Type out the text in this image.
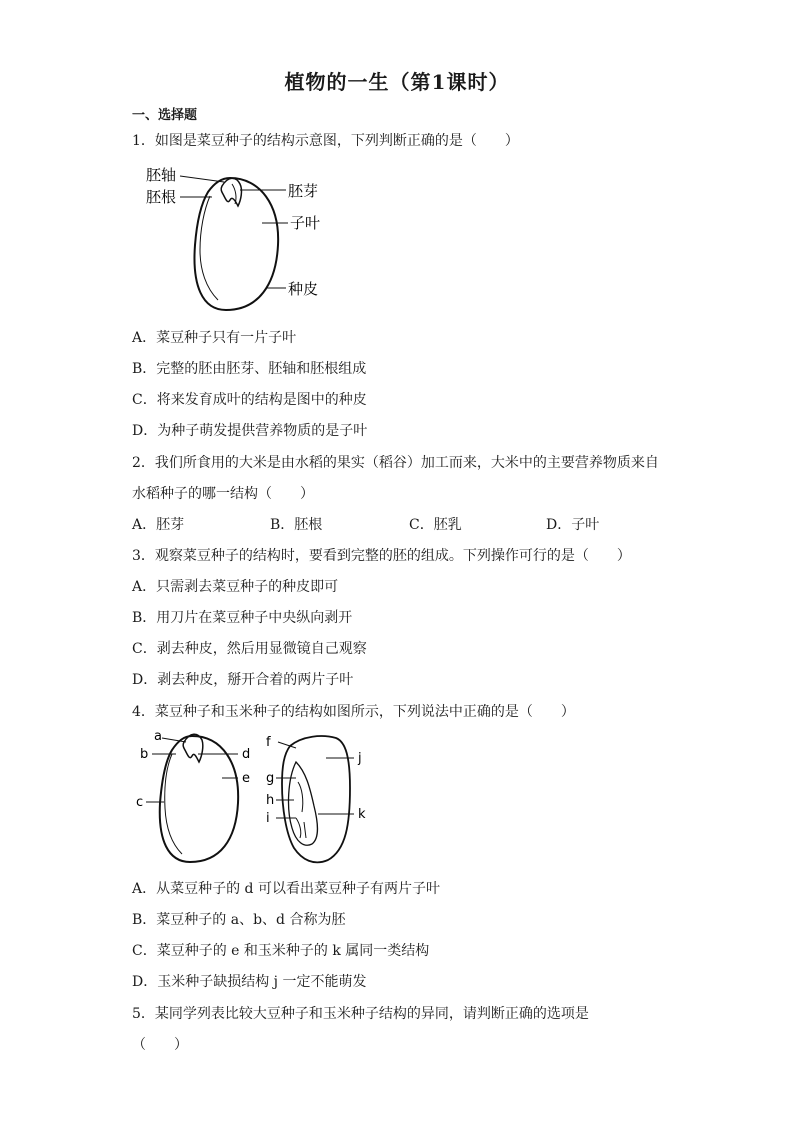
植物的一生（第1课时）
一、选择题
1．如图是菜豆种子的结构示意图，下列判断正确的是（　　）
胚轴
胚根	胚芽
子叶
种皮
A．菜豆种子只有一片子叶
B．完整的胚由胚芽、胚轴和胚根组成
C．将来发育成叶的结构是图中的种皮
D．为种子萌发提供营养物质的是子叶
2．我们所食用的大米是由水稻的果实（稻谷）加工而来，大米中的主要营养物质来自
水稻种子的哪一结构（　　）
A．胚芽	B．胚根	C．胚乳	D．子叶
3．观察菜豆种子的结构时，要看到完整的胚的组成。下列操作可行的是（　　）
A．只需剥去菜豆种子的种皮即可
B．用刀片在菜豆种子中央纵向剥开
C．剥去种皮，然后用显微镜自己观察
D．剥去种皮，掰开合着的两片子叶
4．菜豆种子和玉米种子的结构如图所示，下列说法中正确的是（　　）
a
b
c
d
e
f
g
h
i
j
k
A．从菜豆种子的 d 可以看出菜豆种子有两片子叶
B．菜豆种子的 a、b、d 合称为胚
C．菜豆种子的 e 和玉米种子的 k 属同一类结构
D．玉米种子缺损结构 j 一定不能萌发
5．某同学列表比较大豆种子和玉米种子结构的异同，请判断正确的选项是
（　　）
